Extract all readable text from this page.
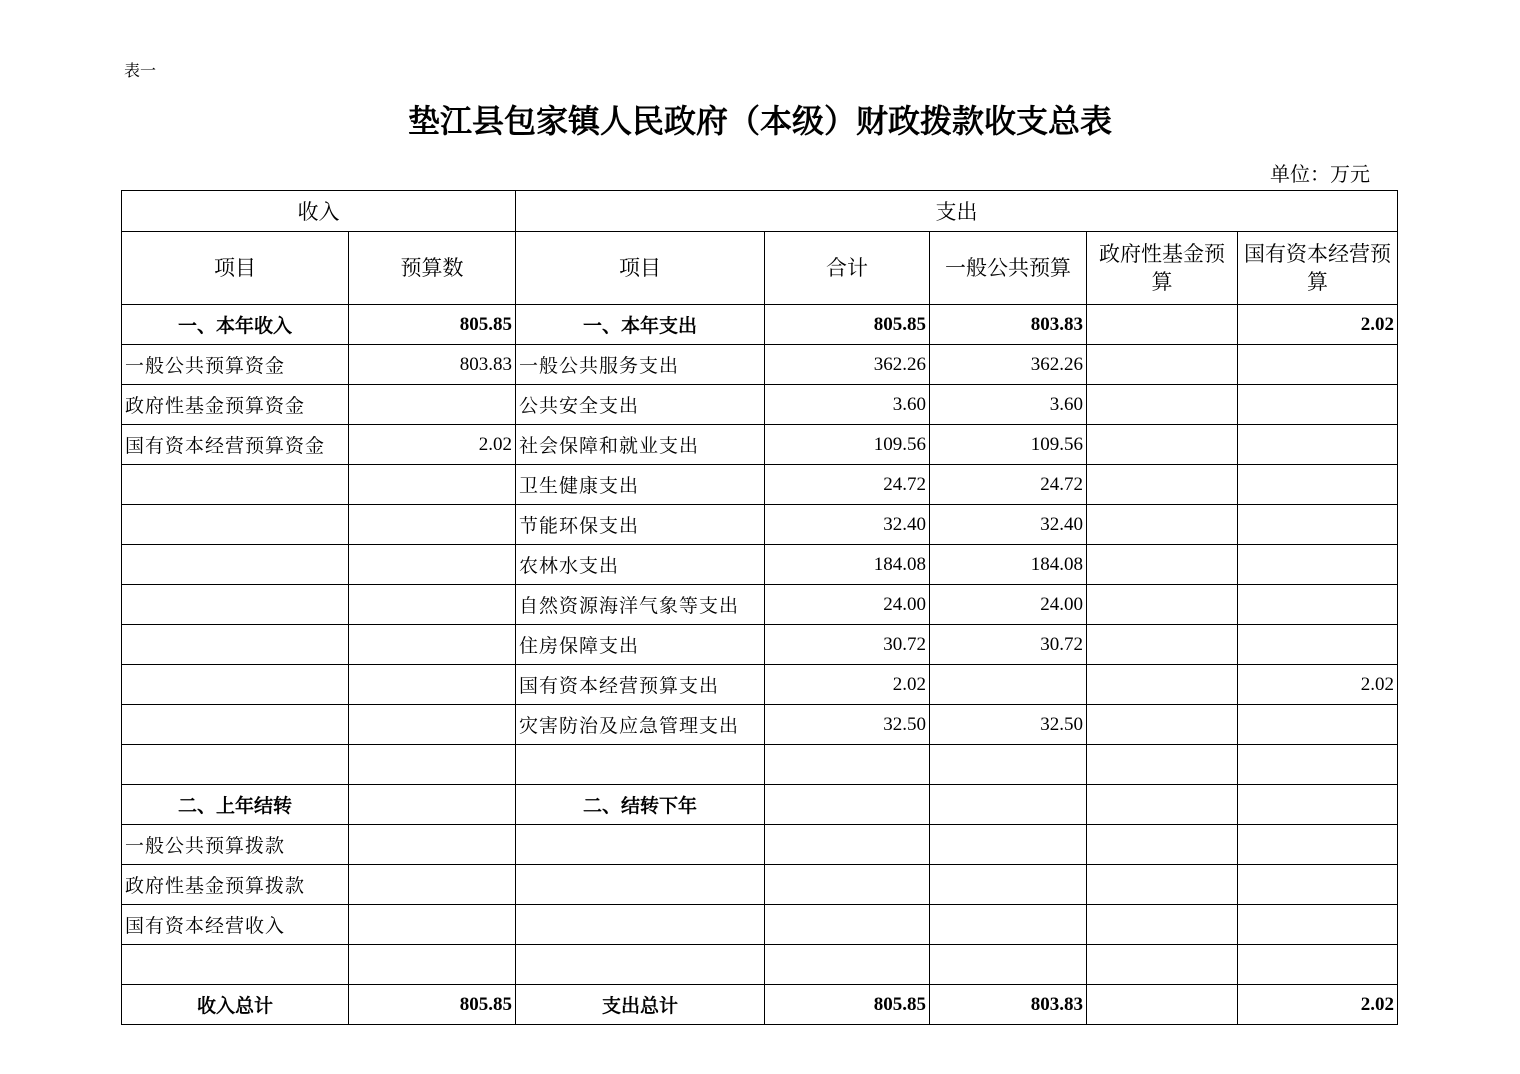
表一
垫江县包家镇人民政府（本级）财政拨款收支总表
单位：万元
收入		支出				
项目	预算数	项目	合计	一般公共预算	政府性基金预算	国有资本经营预算
一、本年收入	805.85	一、本年支出	805.85	803.83		2.02
一般公共预算资金	803.83	一般公共服务支出	362.26	362.26		
政府性基金预算资金		公共安全支出	3.60	3.60		
国有资本经营预算资金	2.02	社会保障和就业支出	109.56	109.56		
		卫生健康支出	24.72	24.72		
		节能环保支出	32.40	32.40		
		农林水支出	184.08	184.08		
		自然资源海洋气象等支出	24.00	24.00		
		住房保障支出	30.72	30.72		
		国有资本经营预算支出	2.02			2.02
		灾害防治及应急管理支出	32.50	32.50		

二、上年结转		二、结转下年				
一般公共预算拨款						
政府性基金预算拨款						
国有资本经营收入						

收入总计	805.85	支出总计	805.85	803.83		2.02
